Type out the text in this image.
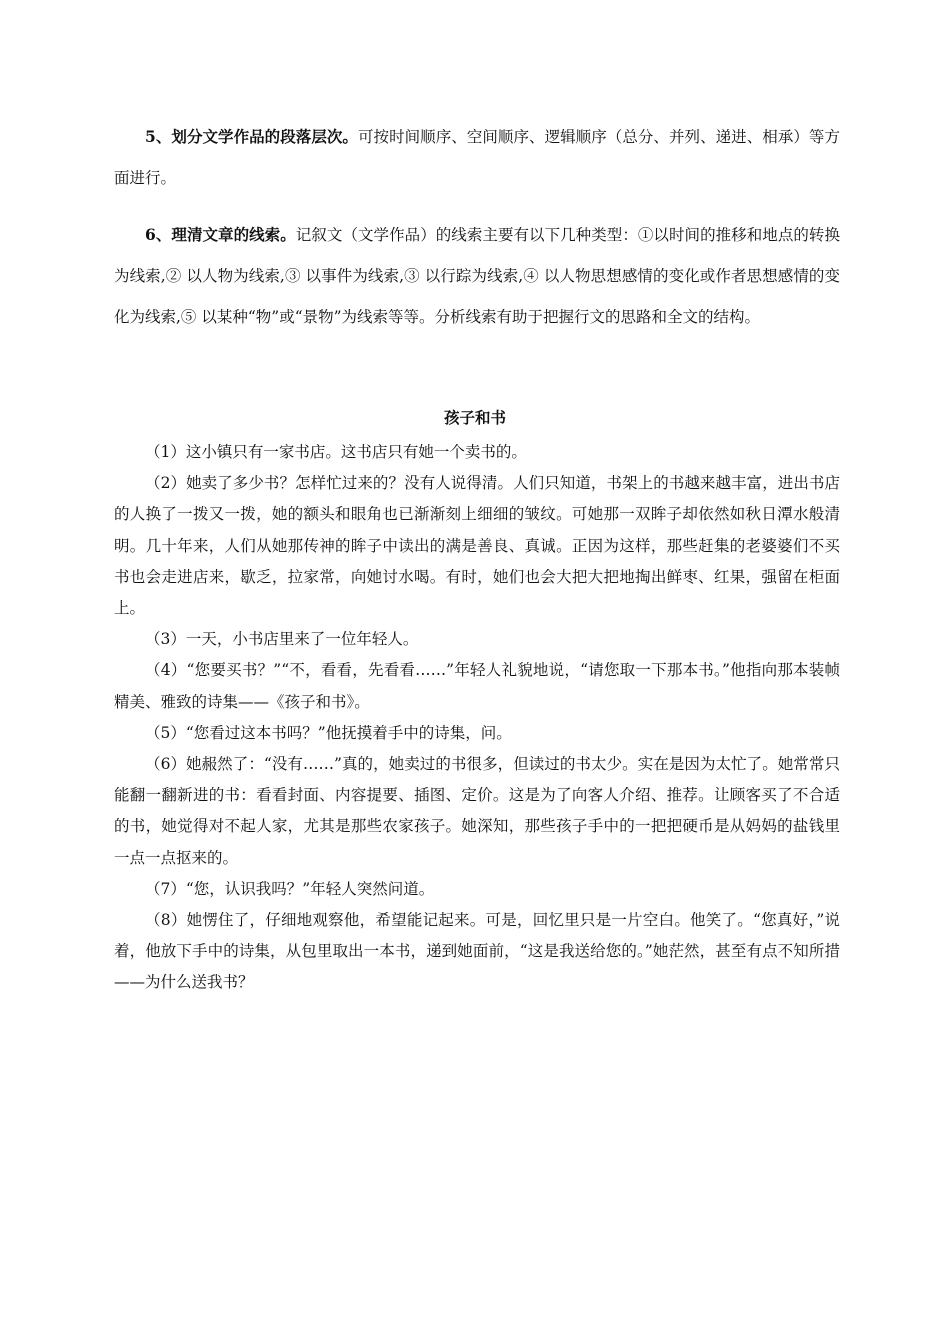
5、划分文学作品的段落层次。可按时间顺序、空间顺序、逻辑顺序（总分、并列、递进、相承）等方面进行。
6、理清文章的线索。记叙文（文学作品）的线索主要有以下几种类型：①以时间的推移和地点的转换为线索,② 以人物为线索,③ 以事件为线索,③ 以行踪为线索,④ 以人物思想感情的变化或作者思想感情的变化为线索,⑤ 以某种“物”或“景物”为线索等等。分析线索有助于把握行文的思路和全文的结构。
孩子和书

（1）这小镇只有一家书店。这书店只有她一个卖书的。

（2）她卖了多少书？怎样忙过来的？没有人说得清。人们只知道，书架上的书越来越丰富，进出书店的人换了一拨又一拨，她的额头和眼角也已渐渐刻上细细的皱纹。可她那一双眸子却依然如秋日潭水般清明。几十年来，人们从她那传神的眸子中读出的满是善良、真诚。正因为这样，那些赶集的老婆婆们不买书也会走进店来，歇乏，拉家常，向她讨水喝。有时，她们也会大把大把地掏出鲜枣、红果，强留在柜面上。

（3）一天，小书店里来了一位年轻人。

（4）“您要买书？”“不，看看，先看看……”年轻人礼貌地说，“请您取一下那本书。”他指向那本装帧精美、雅致的诗集——《孩子和书》。

（5）“您看过这本书吗？”他抚摸着手中的诗集，问。

（6）她赧然了：“没有……”真的，她卖过的书很多，但读过的书太少。实在是因为太忙了。她常常只能翻一翻新进的书：看看封面、内容提要、插图、定价。这是为了向客人介绍、推荐。让顾客买了不合适的书，她觉得对不起人家，尤其是那些农家孩子。她深知，那些孩子手中的一把把硬币是从妈妈的盐钱里一点一点抠来的。

（7）“您，认识我吗？”年轻人突然问道。

（8）她愣住了，仔细地观察他，希望能记起来。可是，回忆里只是一片空白。他笑了。“您真好，”说着，他放下手中的诗集，从包里取出一本书，递到她面前，“这是我送给您的。”她茫然，甚至有点不知所措——为什么送我书？
